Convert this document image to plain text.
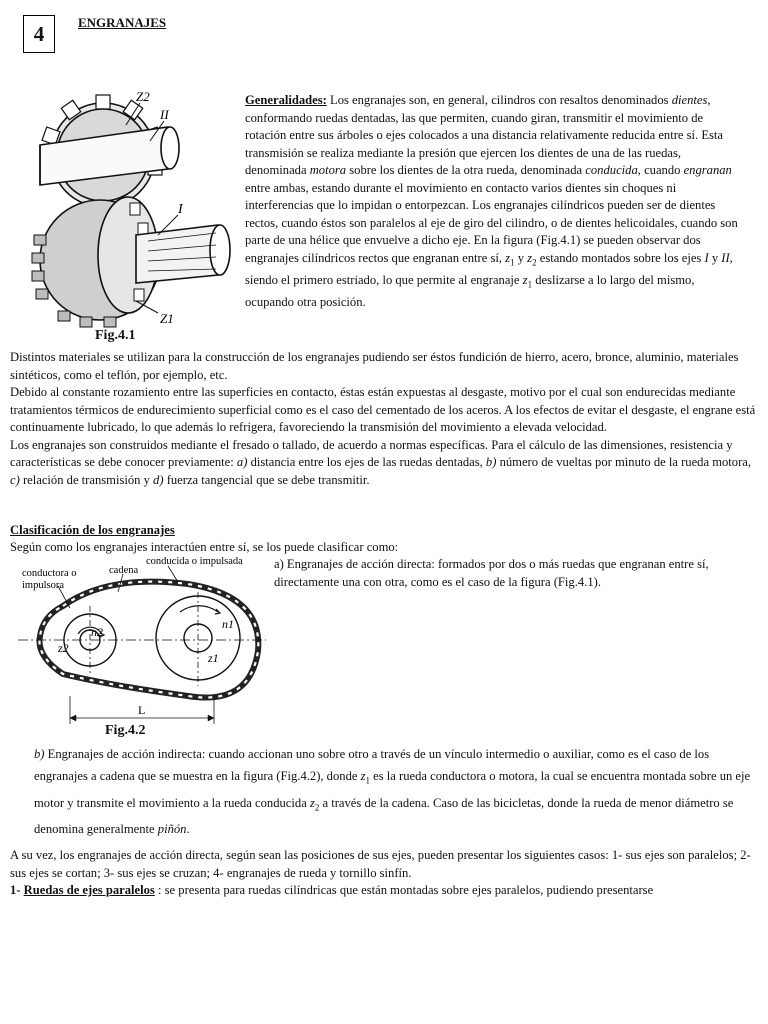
4	ENGRANAJES
Z2
II
I
Z1
Fig.4.1

Generalidades: Los engranajes son, en general, cilindros con resaltos denominados dientes, conformando ruedas dentadas, las que permiten, cuando giran, transmitir el movimiento de rotación entre sus árboles o ejes colocados a una distancia relativamente reducida entre sí. Esta transmisión se realiza mediante la presión que ejercen los dientes de una de las ruedas, denominada motora sobre los dientes de la otra rueda, denominada conducida, cuando engranan entre ambas, estando durante el movimiento en contacto varios dientes sin choques ni interferencias que lo impidan o entorpezcan. Los engranajes cilíndricos pueden ser de dientes rectos, cuando éstos son paralelos al eje de giro del cilindro, o de dientes helicoidales, cuando son parte de una hélice que envuelve a dicho eje. En la figura (Fig.4.1) se pueden observar dos engranajes cilíndricos rectos que engranan entre sí, $z_1$ y $z_2$ estando montados sobre los ejes I y II, siendo el primero estriado, lo que permite al engranaje $z_1$ deslizarse a lo largo del mismo, ocupando otra posición.

Distintos materiales se utilizan para la construcción de los engranajes pudiendo ser éstos fundición de hierro, acero, bronce, aluminio, materiales sintéticos, como el teflón, por ejemplo, etc.

Debido al constante rozamiento entre las superficies en contacto, éstas están expuestas al desgaste, motivo por el cual son endurecidas mediante tratamientos térmicos de endurecimiento superficial como es el caso del cementado de los aceros. A los efectos de evitar el desgaste, el engrane está continuamente lubricado, lo que además lo refrigera, favoreciendo la transmisión del movimiento a elevada velocidad.

Los engranajes son construidos mediante el fresado o tallado, de acuerdo a normas específicas. Para el cálculo de las dimensiones, resistencia y características se debe conocer previamente: a) distancia entre los ejes de las ruedas dentadas, b) número de vueltas por minuto de la rueda motora, c) relación de transmisión y d) fuerza tangencial que se debe transmitir.

Clasificación de los engranajes
Según como los engranajes interactúen entre sí, se los puede clasificar como:
conductora o
impulsora
cadena
conducida o impulsada
n2
z2
n1
z1
L
Fig.4.2
a) Engranajes de acción directa: formados por dos o más ruedas que engranan entre sí, directamente una con otra, como es el caso de la figura (Fig.4.1).

b) Engranajes de acción indirecta: cuando accionan uno sobre otro a través de un vínculo intermedio o auxiliar, como es el caso de los engranajes a cadena que se muestra en la figura (Fig.4.2), donde $z_1$ es la rueda conductora o motora, la cual se encuentra montada sobre un eje motor y transmite el movimiento a la rueda conducida $z_2$ a través de la cadena. Caso de las bicicletas, donde la rueda de menor diámetro se denomina generalmente piñón.

A su vez, los engranajes de acción directa, según sean las posiciones de sus ejes, pueden presentar los siguientes casos: 1- sus ejes son paralelos; 2- sus ejes se cortan; 3- sus ejes se cruzan; 4- engranajes de rueda y tornillo sinfín.

1- Ruedas de ejes paralelos : se presenta para ruedas cilíndricas que están montadas sobre ejes paralelos, pudiendo presentarse
